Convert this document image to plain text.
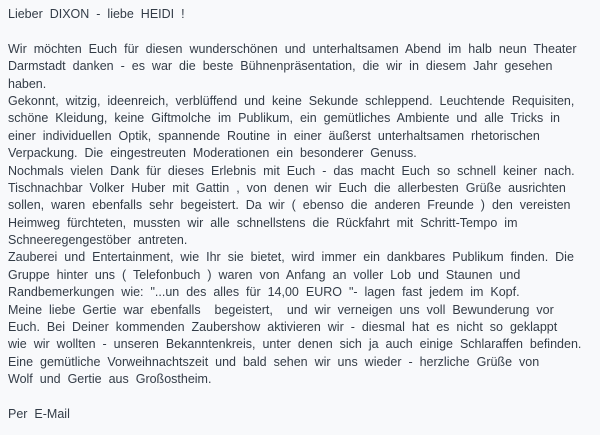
Lieber DIXON - liebe HEIDI !
Wir möchten Euch für diesen wunderschönen und unterhaltsamen Abend im halb neun Theater
Darmstadt danken - es war die beste Bühnenpräsentation, die wir in diesem Jahr gesehen
haben.
Gekonnt, witzig, ideenreich, verblüffend und keine Sekunde schleppend. Leuchtende Requisiten,
schöne Kleidung, keine Giftmolche im Publikum, ein gemütliches Ambiente und alle Tricks in
einer individuellen Optik, spannende Routine in einer äußerst unterhaltsamen rhetorischen
Verpackung. Die eingestreuten Moderationen ein besonderer Genuss.
Nochmals vielen Dank für dieses Erlebnis mit Euch - das macht Euch so schnell keiner nach.
Tischnachbar Volker Huber mit Gattin , von denen wir Euch die allerbesten Grüße ausrichten
sollen, waren ebenfalls sehr begeistert. Da wir ( ebenso die anderen Freunde ) den vereisten
Heimweg fürchteten, mussten wir alle schnellstens die Rückfahrt mit Schritt-Tempo im
Schneeregengestöber antreten.
Zauberei und Entertainment, wie Ihr sie bietet, wird immer ein dankbares Publikum finden. Die
Gruppe hinter uns ( Telefonbuch ) waren von Anfang an voller Lob und Staunen und
Randbemerkungen wie: "...un des alles für 14,00 EURO "- lagen fast jedem im Kopf.
Meine liebe Gertie war ebenfalls  begeistert,  und wir verneigen uns voll Bewunderung vor
Euch. Bei Deiner kommenden Zaubershow aktivieren wir - diesmal hat es nicht so geklappt
wie wir wollten - unseren Bekanntenkreis, unter denen sich ja auch einige Schlaraffen befinden.
Eine gemütliche Vorweihnachtszeit und bald sehen wir uns wieder - herzliche Grüße von
Wolf und Gertie aus Großostheim.
Per E-Mail
